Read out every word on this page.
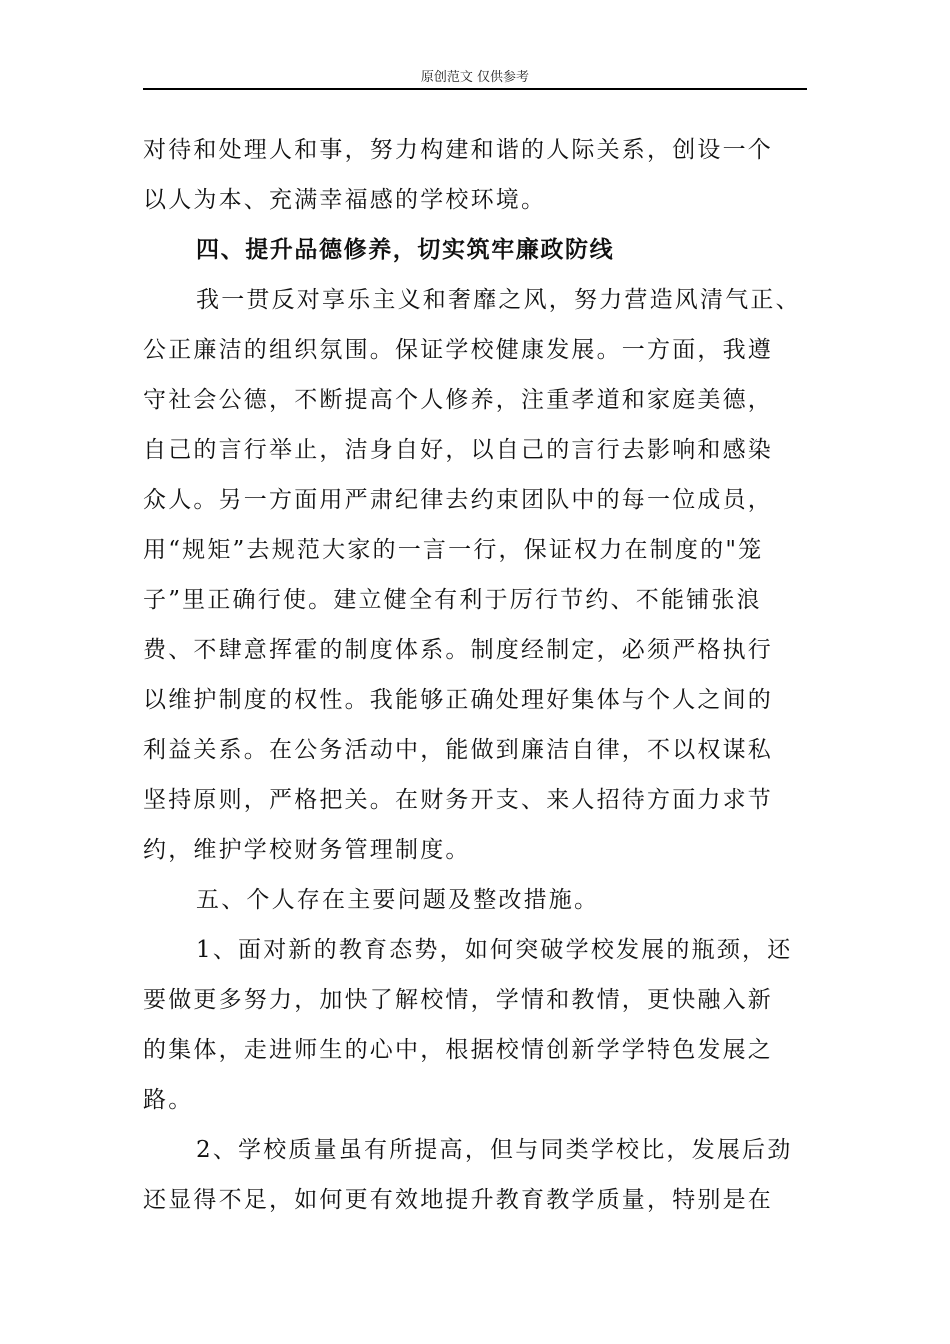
原创范文 仅供参考
对待和处理人和事，努力构建和谐的人际关系，创设一个
以人为本、充满幸福感的学校环境。
四、提升品德修养，切实筑牢廉政防线
我一贯反对享乐主义和奢靡之风，努力营造风清气正、
公正廉洁的组织氛围。保证学校健康发展。一方面，我遵
守社会公德，不断提高个人修养，注重孝道和家庭美德，
自己的言行举止，洁身自好，以自己的言行去影响和感染
众人。另一方面用严肃纪律去约束团队中的每一位成员，
用“规矩”去规范大家的一言一行，保证权力在制度的"笼
子”里正确行使。建立健全有利于厉行节约、不能铺张浪
费、不肆意挥霍的制度体系。制度经制定，必须严格执行
以维护制度的权性。我能够正确处理好集体与个人之间的
利益关系。在公务活动中，能做到廉洁自律，不以权谋私
坚持原则，严格把关。在财务开支、来人招待方面力求节
约，维护学校财务管理制度。
五、个人存在主要问题及整改措施。
1、面对新的教育态势，如何突破学校发展的瓶颈，还
要做更多努力，加快了解校情，学情和教情，更快融入新
的集体，走进师生的心中，根据校情创新学学特色发展之
路。
2、学校质量虽有所提高，但与同类学校比，发展后劲
还显得不足，如何更有效地提升教育教学质量，特别是在
